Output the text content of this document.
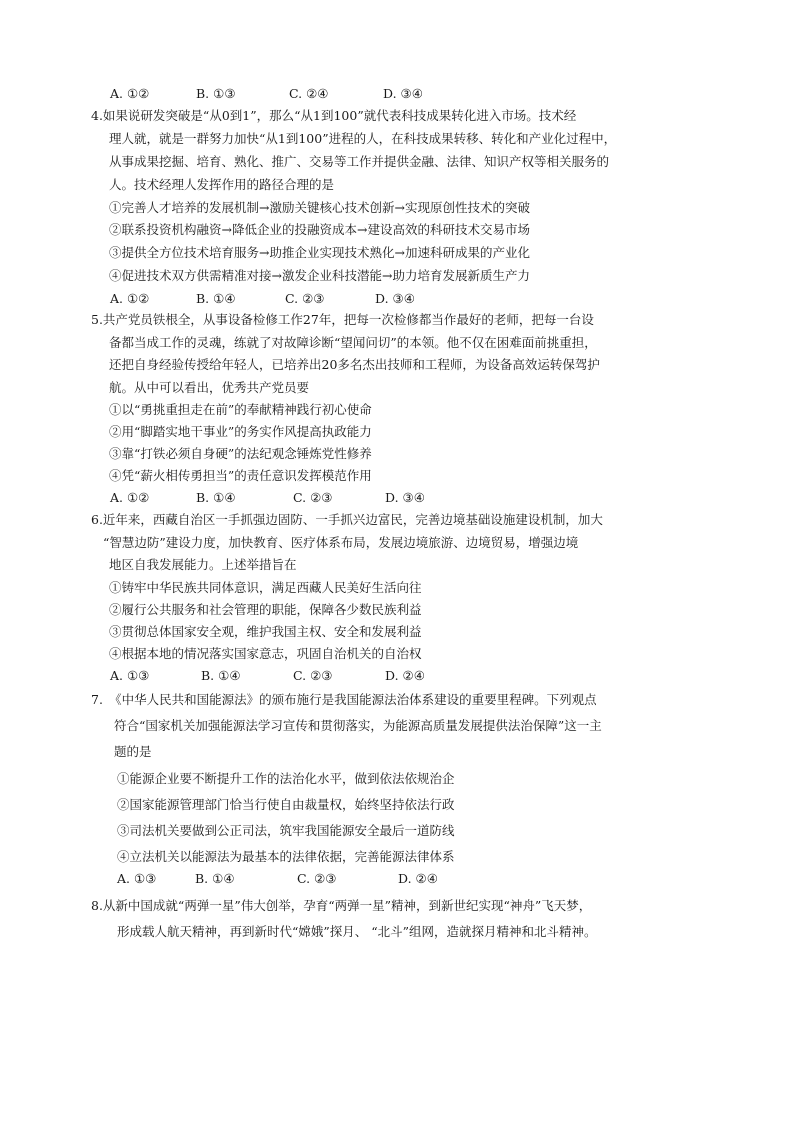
A. ①②	B. ①③	C. ②④	D. ③④
4.如果说研发突破是“从0到1”，那么“从1到100”就代表科技成果转化进入市场。技术经
理人就，就是一群努力加快“从1到100”进程的人，在科技成果转移、转化和产业化过程中，
从事成果挖掘、培育、熟化、推广、交易等工作并提供金融、法律、知识产权等相关服务的
人。技术经理人发挥作用的路径合理的是
①完善人才培养的发展机制→激励关键核心技术创新→实现原创性技术的突破
②联系投资机构融资→降低企业的投融资成本→建设高效的科研技术交易市场
③提供全方位技术培育服务→助推企业实现技术熟化→加速科研成果的产业化
④促进技术双方供需精准对接→激发企业科技潜能→助力培育发展新质生产力
A. ①②	B. ①④	C. ②③	D. ③④
5.共产党员铁根全，从事设备检修工作27年，把每一次检修都当作最好的老师，把每一台设
备都当成工作的灵魂，练就了对故障诊断“望闻问切”的本领。他不仅在困难面前挑重担，
还把自身经验传授给年轻人，已培养出20多名杰出技师和工程师，为设备高效运转保驾护
航。从中可以看出，优秀共产党员要
①以“勇挑重担走在前”的奉献精神践行初心使命
②用“脚踏实地干事业”的务实作风提高执政能力
③靠“打铁必须自身硬”的法纪观念锤炼党性修养
④凭“薪火相传勇担当”的责任意识发挥模范作用
A. ①②	B. ①④	C. ②③	D. ③④
6.近年来，西藏自治区一手抓强边固防、一手抓兴边富民，完善边境基础设施建设机制，加大
“智慧边防”建设力度，加快教育、医疗体系布局，发展边境旅游、边境贸易，增强边境
地区自我发展能力。上述举措旨在
①铸牢中华民族共同体意识，满足西藏人民美好生活向往
②履行公共服务和社会管理的职能，保障各少数民族利益
③贯彻总体国家安全观，维护我国主权、安全和发展利益
④根据本地的情况落实国家意志，巩固自治机关的自治权
A. ①③	B. ①④	C. ②③	D. ②④
7.　《中华人民共和国能源法》的颁布施行是我国能源法治体系建设的重要里程碑。下列观点
符合“国家机关加强能源法学习宣传和贯彻落实，为能源高质量发展提供法治保障”这一主
题的是
①能源企业要不断提升工作的法治化水平，做到依法依规治企
②国家能源管理部门恰当行使自由裁量权，始终坚持依法行政
③司法机关要做到公正司法，筑牢我国能源安全最后一道防线
④立法机关以能源法为最基本的法律依据，完善能源法律体系
A. ①③	B. ①④	C. ②③	D. ②④
8.从新中国成就“两弹一星”伟大创举，孕育“两弹一星”精神，到新世纪实现“神舟”飞天梦，
形成载人航天精神，再到新时代“嫦娥”探月、 “北斗”组网，造就探月精神和北斗精神。
